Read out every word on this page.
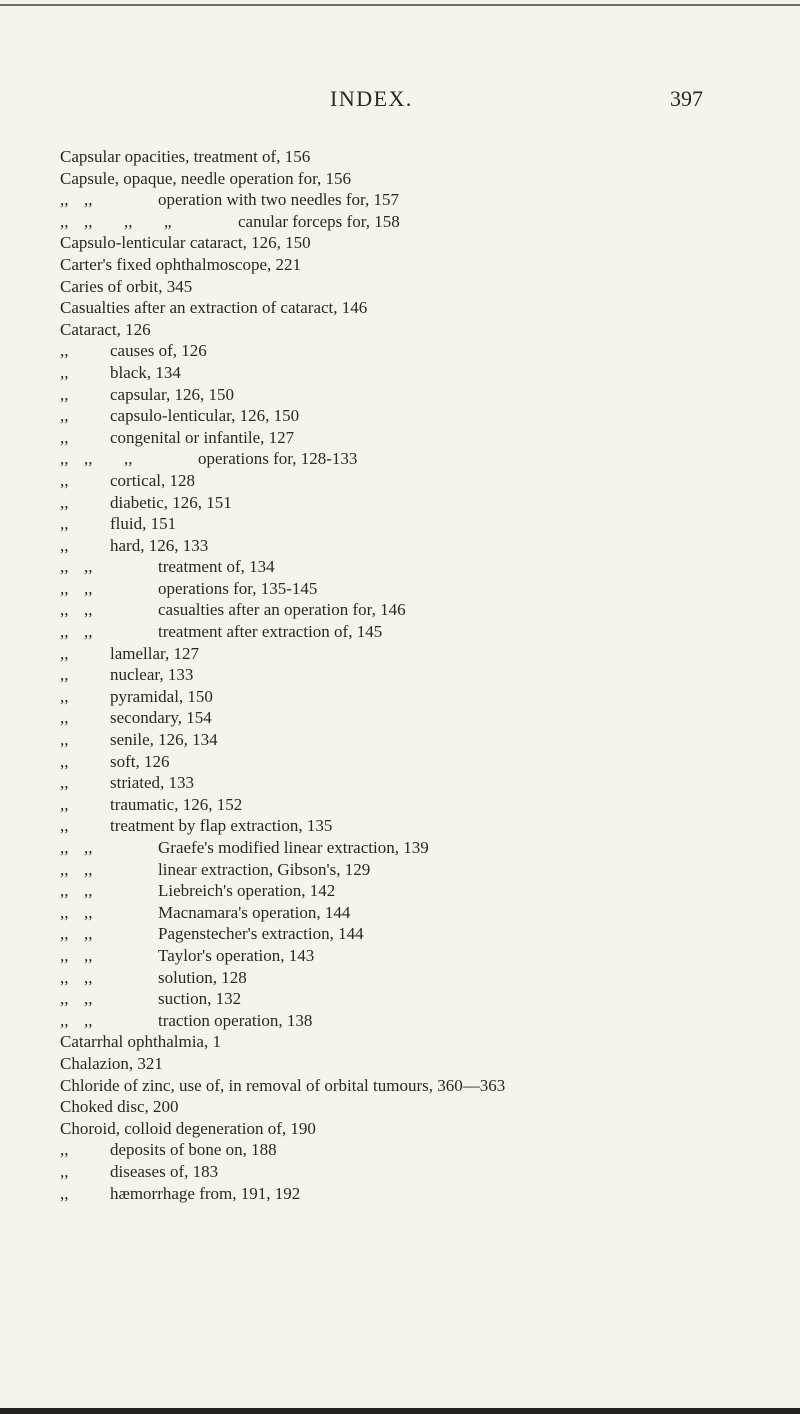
INDEX.	397
Capsular opacities, treatment of, 156
Capsule, opaque, needle operation for, 156
,, ,,	operation with two needles for, 157
,, ,,	,,	„	canular forceps for, 158
Capsulo-lenticular cataract, 126, 150
Carter's fixed ophthalmoscope, 221
Caries of orbit, 345
Casualties after an extraction of cataract, 146
Cataract, 126
,,	causes of, 126
,,	black, 134
,,	capsular, 126, 150
,,	capsulo-lenticular, 126, 150
,,	congenital or infantile, 127
,, ,,	,,	operations for, 128-133
,,	cortical, 128
,,	diabetic, 126, 151
,,	fluid, 151
,,	hard, 126, 133
,, ,,	treatment of, 134
,, ,,	operations for, 135-145
,, ,,	casualties after an operation for, 146
,, ,,	treatment after extraction of, 145
,,	lamellar, 127
,,	nuclear, 133
,,	pyramidal, 150
,,	secondary, 154
,,	senile, 126, 134
,,	soft, 126
,,	striated, 133
,,	traumatic, 126, 152
,,	treatment by flap extraction, 135
,, ,,	Graefe's modified linear extraction, 139
,, ,,	linear extraction, Gibson's, 129
,, ,,	Liebreich's operation, 142
,, ,,	Macnamara's operation, 144
,, ,,	Pagenstecher's extraction, 144
,, ,,	Taylor's operation, 143
,, ,,	solution, 128
,, ,,	suction, 132
,, ,,	traction operation, 138
Catarrhal ophthalmia, 1
Chalazion, 321
Chloride of zinc, use of, in removal of orbital tumours, 360—363
Choked disc, 200
Choroid, colloid degeneration of, 190
,,	deposits of bone on, 188
,,	diseases of, 183
,,	hæmorrhage from, 191, 192
